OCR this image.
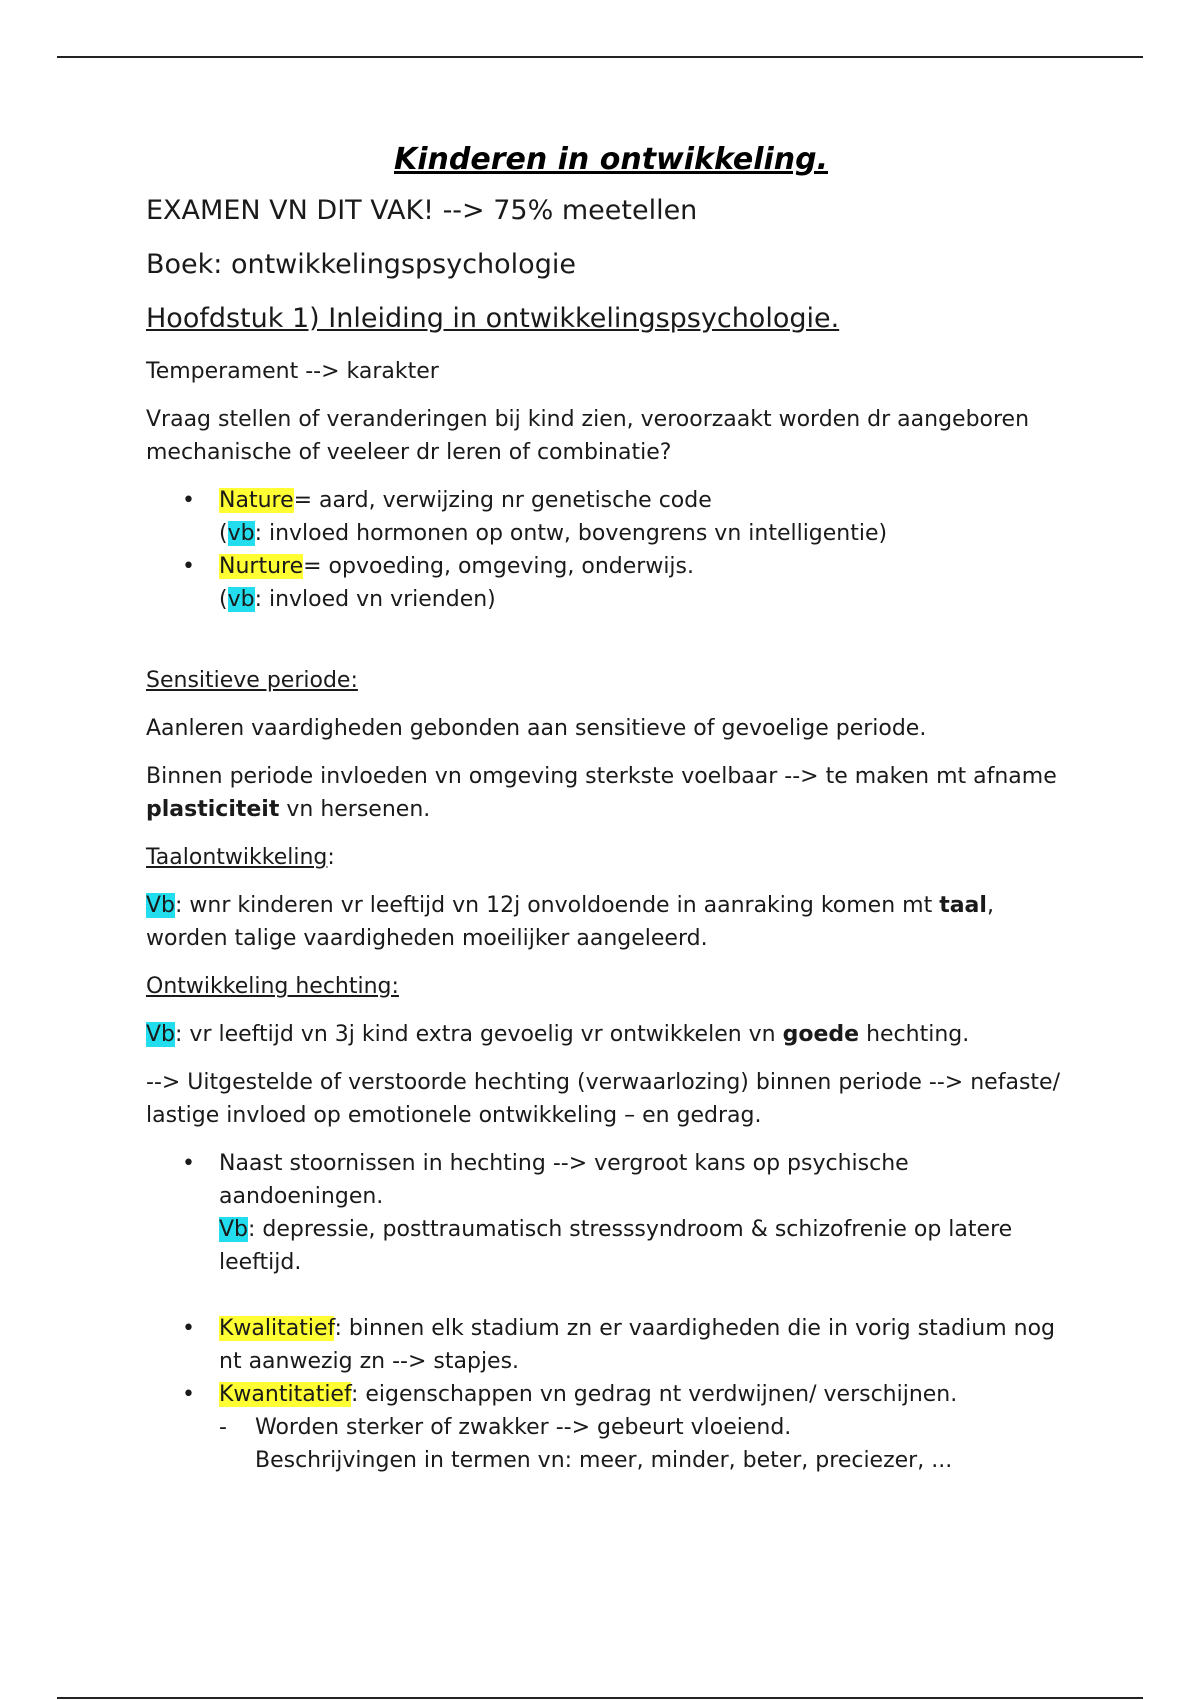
Kinderen in ontwikkeling.
EXAMEN VN DIT VAK! --> 75% meetellen
Boek: ontwikkelingspsychologie
Hoofdstuk 1) Inleiding in ontwikkelingspsychologie.

Temperament --> karakter

Vraag stellen of veranderingen bij kind zien, veroorzaakt worden dr aangeboren mechanische of veeleer dr leren of combinatie?

• Nature= aard, verwijzing nr genetische code
(vb: invloed hormonen op ontw, bovengrens vn intelligentie)
• Nurture= opvoeding, omgeving, onderwijs.
(vb: invloed vn vrienden)

Sensitieve periode:

Aanleren vaardigheden gebonden aan sensitieve of gevoelige periode.

Binnen periode invloeden vn omgeving sterkste voelbaar --> te maken mt afname plasticiteit vn hersenen.

Taalontwikkeling:

Vb: wnr kinderen vr leeftijd vn 12j onvoldoende in aanraking komen mt taal, worden talige vaardigheden moeilijker aangeleerd.

Ontwikkeling hechting:

Vb: vr leeftijd vn 3j kind extra gevoelig vr ontwikkelen vn goede hechting.

--> Uitgestelde of verstoorde hechting (verwaarlozing) binnen periode --> nefaste/ lastige invloed op emotionele ontwikkeling – en gedrag.

• Naast stoornissen in hechting --> vergroot kans op psychische aandoeningen.
Vb: depressie, posttraumatisch stresssyndroom & schizofrenie op latere leeftijd.
• Kwalitatief: binnen elk stadium zn er vaardigheden die in vorig stadium nog nt aanwezig zn --> stapjes.
• Kwantitatief: eigenschappen vn gedrag nt verdwijnen/ verschijnen.
- Worden sterker of zwakker --> gebeurt vloeiend.
Beschrijvingen in termen vn: meer, minder, beter, preciezer, ...
